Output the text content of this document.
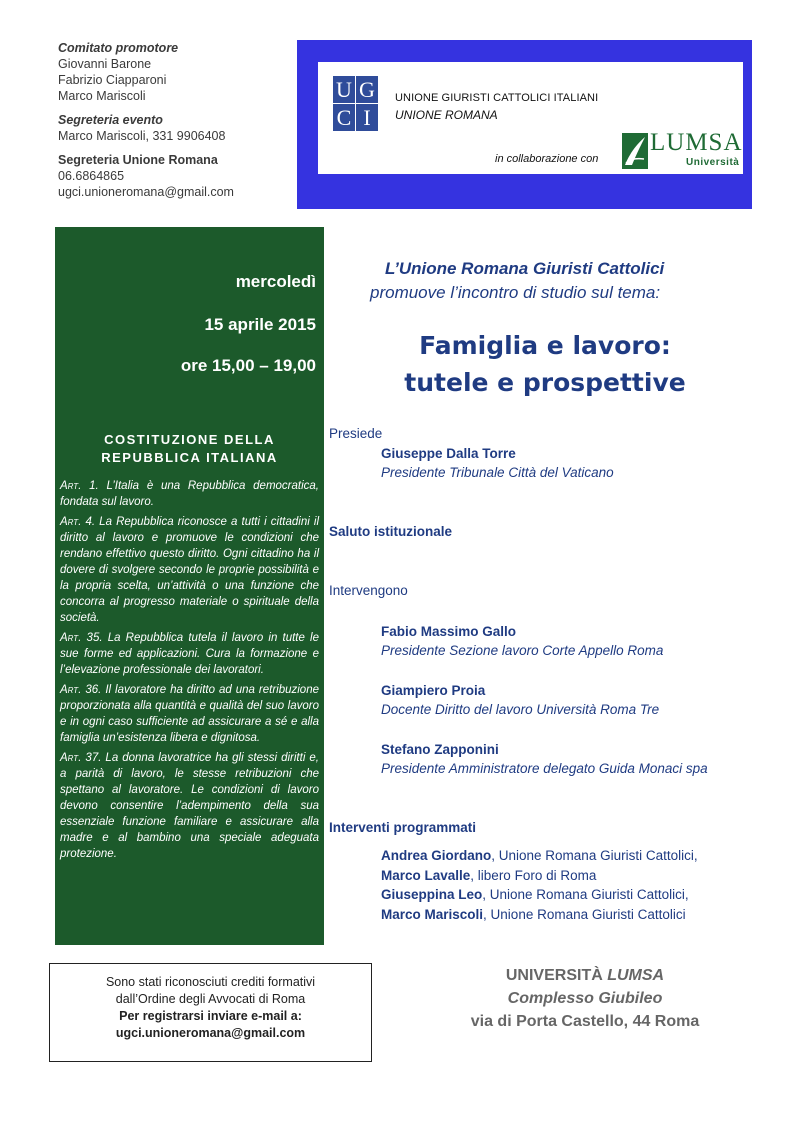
Comitato promotore
Giovanni Barone
Fabrizio Ciapparoni
Marco Mariscoli
Segreteria evento
Marco Mariscoli, 331 9906408
Segreteria Unione Romana
06.6864865
ugci.unioneromana@gmail.com
U G
C I
UNIONE GIURISTI CATTOLICI ITALIANI
UNIONE ROMANA
in collaborazione con
LUMSA
Università
mercoledì
15 aprile 2015
ore 15,00 – 19,00
COSTITUZIONE DELLA
REPUBBLICA ITALIANA

Art. 1. L’Italia è una Repubblica democratica, fondata sul lavoro.

Art. 4. La Repubblica riconosce a tutti i cittadini il diritto al lavoro e promuove le condizioni che rendano effettivo questo diritto. Ogni cittadino ha il dovere di svolgere secondo le proprie possibilità e la propria scelta, un’attività o una funzione che concorra al progresso materiale o spirituale della società.

Art. 35. La Repubblica tutela il lavoro in tutte le sue forme ed applicazioni. Cura la formazione e l’elevazione professionale dei lavoratori.

Art. 36. Il lavoratore ha diritto ad una retribuzione proporzionata alla quantità e qualità del suo lavoro e in ogni caso sufficiente ad assicurare a sé e alla famiglia un’esistenza libera e dignitosa.

Art. 37. La donna lavoratrice ha gli stessi diritti e, a parità di lavoro, le stesse retribuzioni che spettano al lavoratore. Le condizioni di lavoro devono consentire l’adempimento della sua essenziale funzione familiare e assicurare alla madre e al bambino una speciale adeguata protezione.

L’Unione Romana Giuristi Cattolici
promuove l’incontro di studio sul tema:
Famiglia e lavoro:
tutele e prospettive
Presiede
Giuseppe Dalla Torre
Presidente Tribunale Città del Vaticano
Saluto istituzionale
Intervengono
Fabio Massimo Gallo
Presidente Sezione lavoro Corte Appello Roma
Giampiero Proia
Docente Diritto del lavoro Università Roma Tre
Stefano Zapponini
Presidente Amministratore delegato Guida Monaci spa
Interventi programmati
Andrea Giordano, Unione Romana Giuristi Cattolici,
Marco Lavalle, libero Foro di Roma
Giuseppina Leo, Unione Romana Giuristi Cattolici,
Marco Mariscoli, Unione Romana Giuristi Cattolici
Sono stati riconosciuti crediti formativi
dall’Ordine degli Avvocati di Roma
Per registrarsi inviare e-mail a:
ugci.unioneromana@gmail.com
UNIVERSITÀ LUMSA
Complesso Giubileo
via di Porta Castello, 44 Roma
